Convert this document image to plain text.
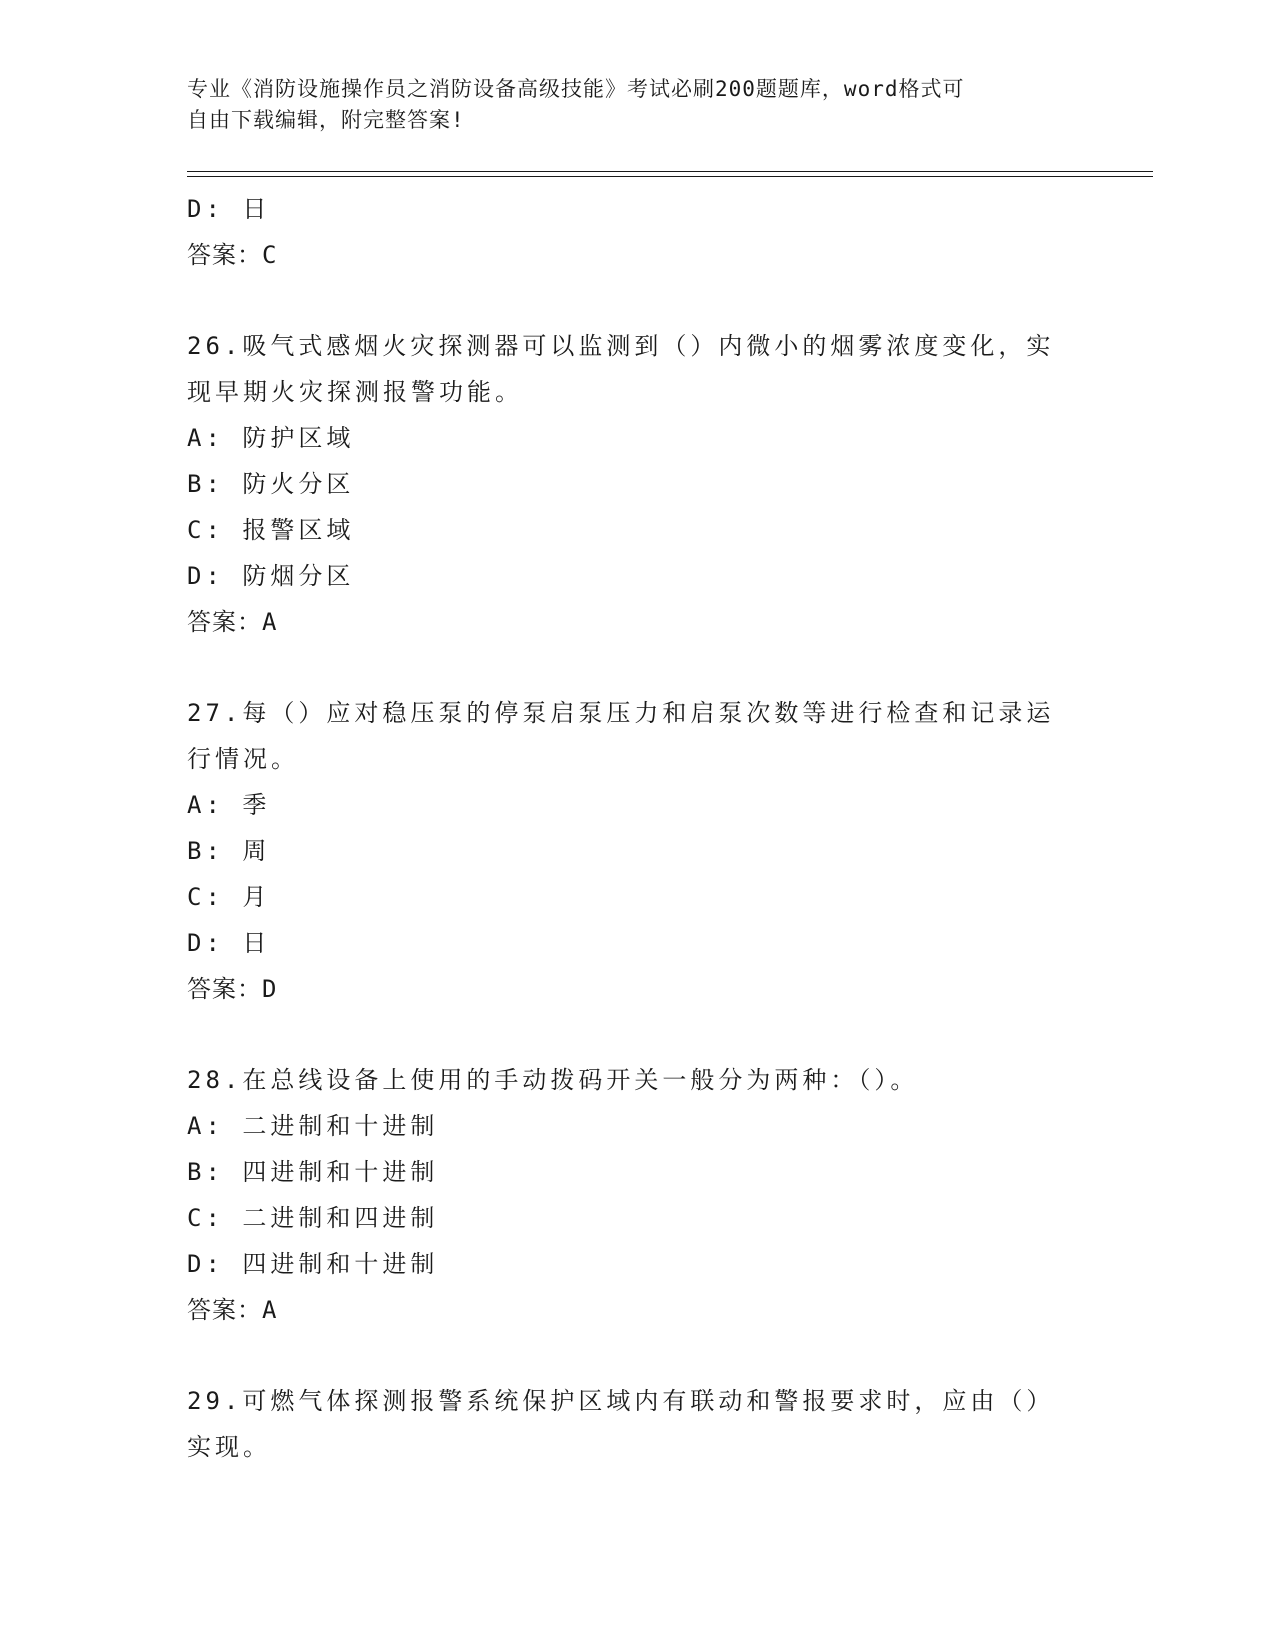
专业《消防设施操作员之消防设备高级技能》考试必刷200题题库，word格式可
自由下载编辑，附完整答案!
D: 日
答案：C
26.吸气式感烟火灾探测器可以监测到（）内微小的烟雾浓度变化，实
现早期火灾探测报警功能。
A: 防护区域
B: 防火分区
C: 报警区域
D: 防烟分区
答案：A
27.每（）应对稳压泵的停泵启泵压力和启泵次数等进行检查和记录运
行情况。
A: 季
B: 周
C: 月
D: 日
答案：D
28.在总线设备上使用的手动拨码开关一般分为两种：（）。
A: 二进制和十进制
B: 四进制和十进制
C: 二进制和四进制
D: 四进制和十进制
答案：A
29.可燃气体探测报警系统保护区域内有联动和警报要求时，应由（）
实现。
